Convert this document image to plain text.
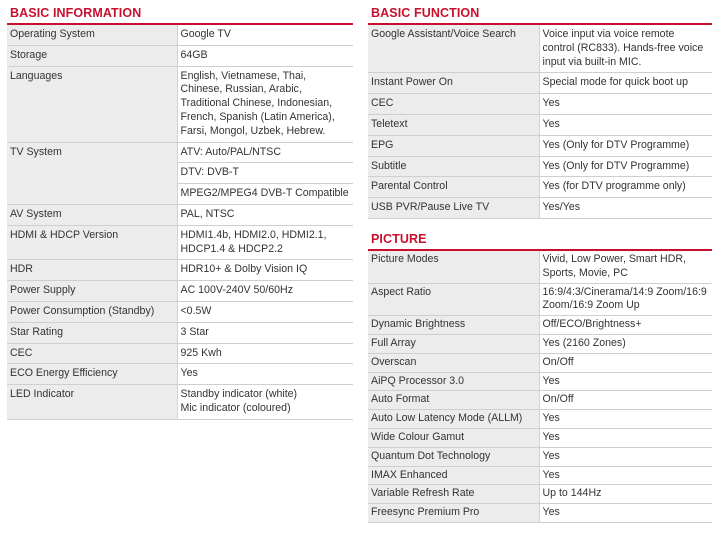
BASIC INFORMATION
Operating System	Google TV

Storage	64GB

Languages	English, Vietnamese, Thai, Chinese, Russian, Arabic, Traditional Chinese, Indonesian, French, Spanish (Latin America), Farsi, Mongol, Uzbek, Hebrew.

TV System	ATV: Auto/PAL/NTSC
DTV: DVB-T
MPEG2/MPEG4 DVB-T Compatible

AV System	PAL, NTSC

HDMI & HDCP Version	HDMI1.4b, HDMI2.0, HDMI2.1, HDCP1.4 & HDCP2.2

HDR	HDR10+ & Dolby Vision IQ

Power Supply	AC 100V-240V 50/60Hz

Power Consumption (Standby)	<0.5W

Star Rating	3 Star

CEC	925 Kwh

ECO Energy Efficiency	Yes

LED Indicator	Standby indicator (white)
Mic indicator (coloured)
BASIC FUNCTION
Google Assistant/Voice Search	Voice input via voice remote control (RC833). Hands-free voice input via built-in MIC.

Instant Power On	Special mode for quick boot up

CEC	Yes

Teletext	Yes

EPG	Yes (Only for DTV Programme)

Subtitle	Yes (Only for DTV Programme)

Parental Control	Yes (for DTV programme only)

USB PVR/Pause Live TV	Yes/Yes
PICTURE
Picture Modes	Vivid, Low Power, Smart HDR, Sports, Movie, PC

Aspect Ratio	16:9/4:3/Cinerama/14:9 Zoom/16:9 Zoom/16:9 Zoom Up

Dynamic Brightness	Off/ECO/Brightness+

Full Array	Yes (2160 Zones)

Overscan	On/Off

AiPQ Processor 3.0	Yes

Auto Format	On/Off

Auto Low Latency Mode (ALLM)	Yes

Wide Colour Gamut	Yes

Quantum Dot Technology	Yes

IMAX Enhanced	Yes

Variable Refresh Rate	Up to 144Hz

Freesync Premium Pro	Yes
